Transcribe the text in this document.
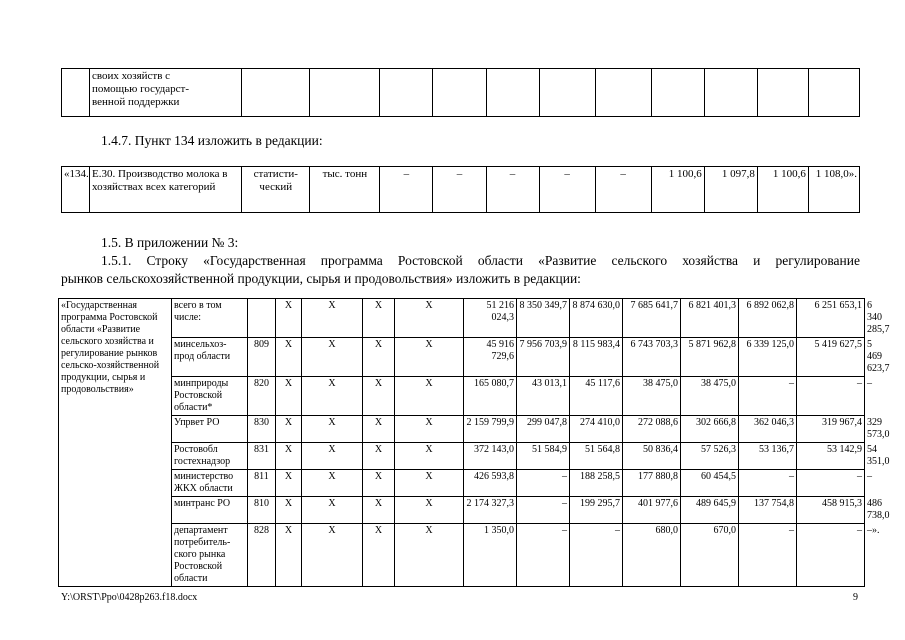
	своих хозяйств с
помощью государст-
венной поддержки											
1.4.7. Пункт 134 изложить в редакции:
«134.	Е.30. Производство молока в хозяйствах всех категорий	статисти-ческий	тыс. тонн	–	–	–	–	–	1 100,6	1 097,8	1 100,6	1 108,0».
1.5. В приложении № 3:
1.5.1. Строку «Государственная программа Ростовской области «Развитие сельского хозяйства и регулирование
рынков сельскохозяйственной продукции, сырья и продовольствия» изложить в редакции:
«Государственная программа Ростовской области «Развитие сельского хозяйства и регулирование рынков сельско-хозяйственной продукции, сырья и продовольствия»	всего в том числе:		X	X	X	X	51 216 024,3	8 350 349,7	8 874 630,0	7 685 641,7	6 821 401,3	6 892 062,8	6 251 653,1	6 340 285,7
	минсельхоз-прод области	809	X	X	X	X	45 916 729,6	7 956 703,9	8 115 983,4	6 743 703,3	5 871 962,8	6 339 125,0	5 419 627,5	5 469 623,7
	минприроды Ростовской области*	820	X	X	X	X	165 080,7	43 013,1	45 117,6	38 475,0	38 475,0	–	–	–
	Упрвет РО	830	X	X	X	X	2 159 799,9	299 047,8	274 410,0	272 088,6	302 666,8	362 046,3	319 967,4	329 573,0
	Ростовобл гостехнадзор	831	X	X	X	X	372 143,0	51 584,9	51 564,8	50 836,4	57 526,3	53 136,7	53 142,9	54 351,0
	министерство ЖКХ области	811	X	X	X	X	426 593,8	–	188 258,5	177 880,8	60 454,5	–	–	–
	минтранс РО	810	X	X	X	X	2 174 327,3	–	199 295,7	401 977,6	489 645,9	137 754,8	458 915,3	486 738,0
	департамент потребитель-ского рынка Ростовской области	828	X	X	X	X	1 350,0	–	–	680,0	670,0	–	–	–».
Y:\ORST\Ppo\0428p263.f18.docx	9
